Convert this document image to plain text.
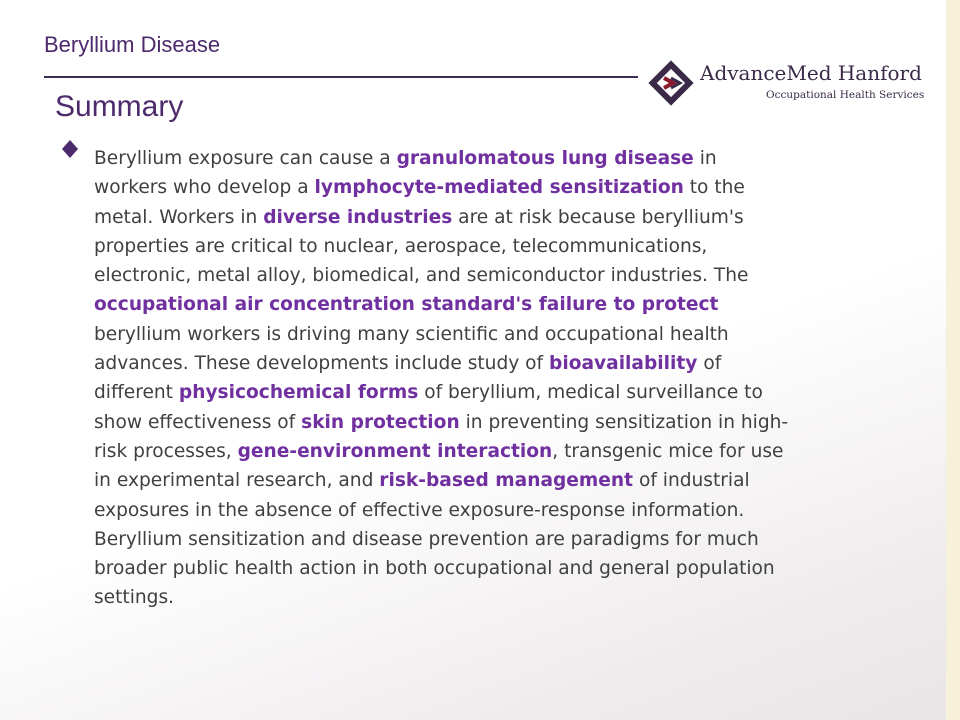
Beryllium Disease
AdvanceMed Hanford
Occupational Health Services
Summary

Beryllium exposure can cause a granulomatous lung disease in workers who develop a lymphocyte-mediated sensitization to the metal. Workers in diverse industries are at risk because beryllium's properties are critical to nuclear, aerospace, telecommunications, electronic, metal alloy, biomedical, and semiconductor industries. The occupational air concentration standard's failure to protect beryllium workers is driving many scientific and occupational health advances. These developments include study of bioavailability of different physicochemical forms of beryllium, medical surveillance to show effectiveness of skin protection in preventing sensitization in high-risk processes, gene-environment interaction, transgenic mice for use in experimental research, and risk-based management of industrial exposures in the absence of effective exposure-response information. Beryllium sensitization and disease prevention are paradigms for much broader public health action in both occupational and general population settings.
